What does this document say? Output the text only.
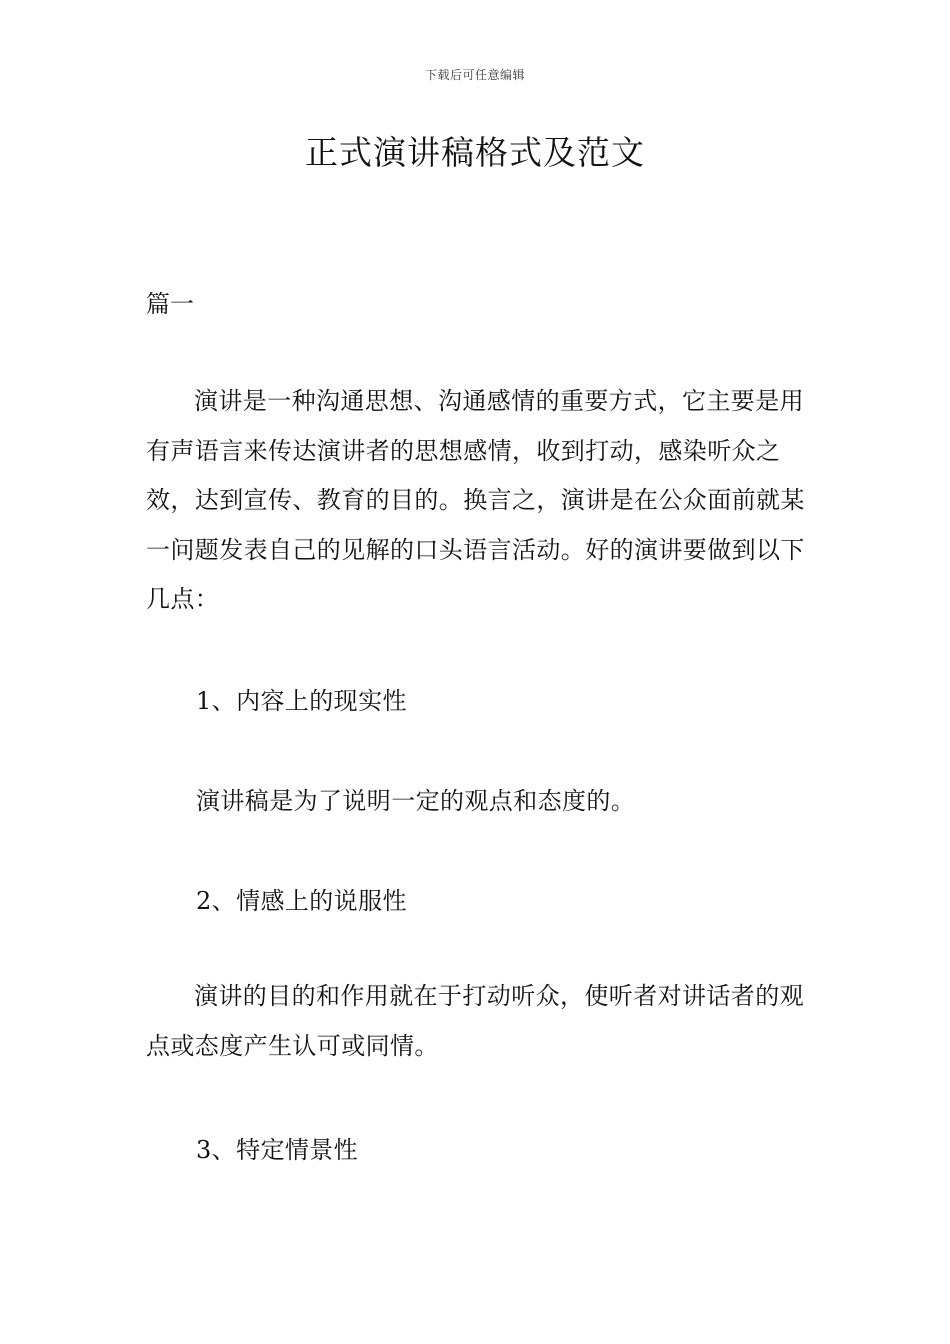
下载后可任意编辑
正式演讲稿格式及范文

篇一

演讲是一种沟通思想、沟通感情的重要方式，它主要是用有声语言来传达演讲者的思想感情，收到打动，感染听众之效，达到宣传、教育的目的。换言之，演讲是在公众面前就某一问题发表自己的见解的口头语言活动。好的演讲要做到以下几点：

1、内容上的现实性

演讲稿是为了说明一定的观点和态度的。

2、情感上的说服性

演讲的目的和作用就在于打动听众，使听者对讲话者的观点或态度产生认可或同情。

3、特定情景性
